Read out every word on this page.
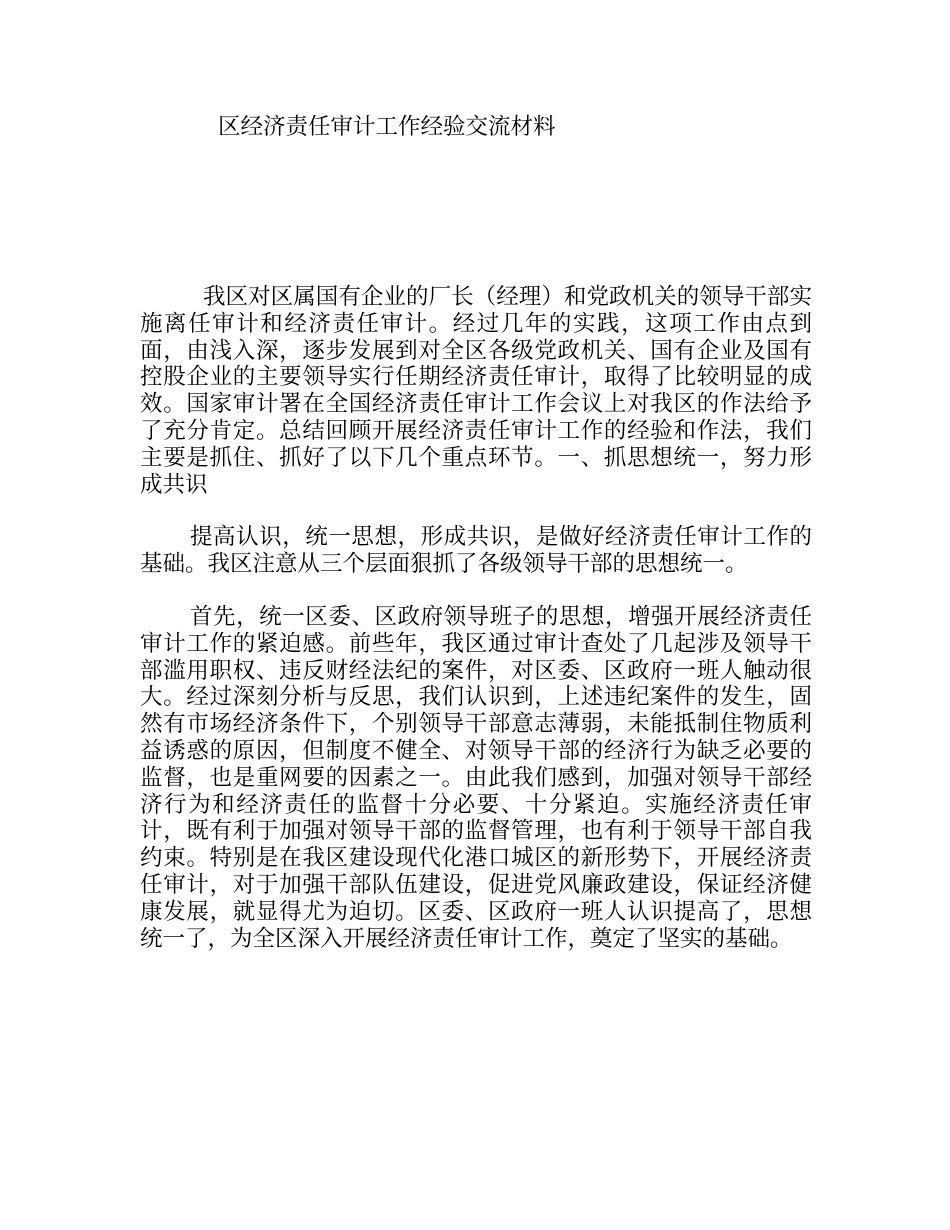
区经济责任审计工作经验交流材料

我区对区属国有企业的厂长（经理）和党政机关的领导干部实施离任审计和经济责任审计。经过几年的实践，这项工作由点到面，由浅入深，逐步发展到对全区各级党政机关、国有企业及国有控股企业的主要领导实行任期经济责任审计，取得了比较明显的成效。国家审计署在全国经济责任审计工作会议上对我区的作法给予了充分肯定。总结回顾开展经济责任审计工作的经验和作法，我们主要是抓住、抓好了以下几个重点环节。一、抓思想统一，努力形成共识

提高认识，统一思想，形成共识，是做好经济责任审计工作的基础。我区注意从三个层面狠抓了各级领导干部的思想统一。

首先，统一区委、区政府领导班子的思想，增强开展经济责任审计工作的紧迫感。前些年，我区通过审计查处了几起涉及领导干部滥用职权、违反财经法纪的案件，对区委、区政府一班人触动很大。经过深刻分析与反思，我们认识到，上述违纪案件的发生，固然有市场经济条件下，个别领导干部意志薄弱，未能抵制住物质利益诱惑的原因，但制度不健全、对领导干部的经济行为缺乏必要的监督，也是重网要的因素之一。由此我们感到，加强对领导干部经济行为和经济责任的监督十分必要、十分紧迫。实施经济责任审计，既有利于加强对领导干部的监督管理，也有利于领导干部自我约束。特别是在我区建设现代化港口城区的新形势下，开展经济责任审计，对于加强干部队伍建设，促进党风廉政建设，保证经济健康发展，就显得尤为迫切。区委、区政府一班人认识提高了，思想统一了，为全区深入开展经济责任审计工作，奠定了坚实的基础。
